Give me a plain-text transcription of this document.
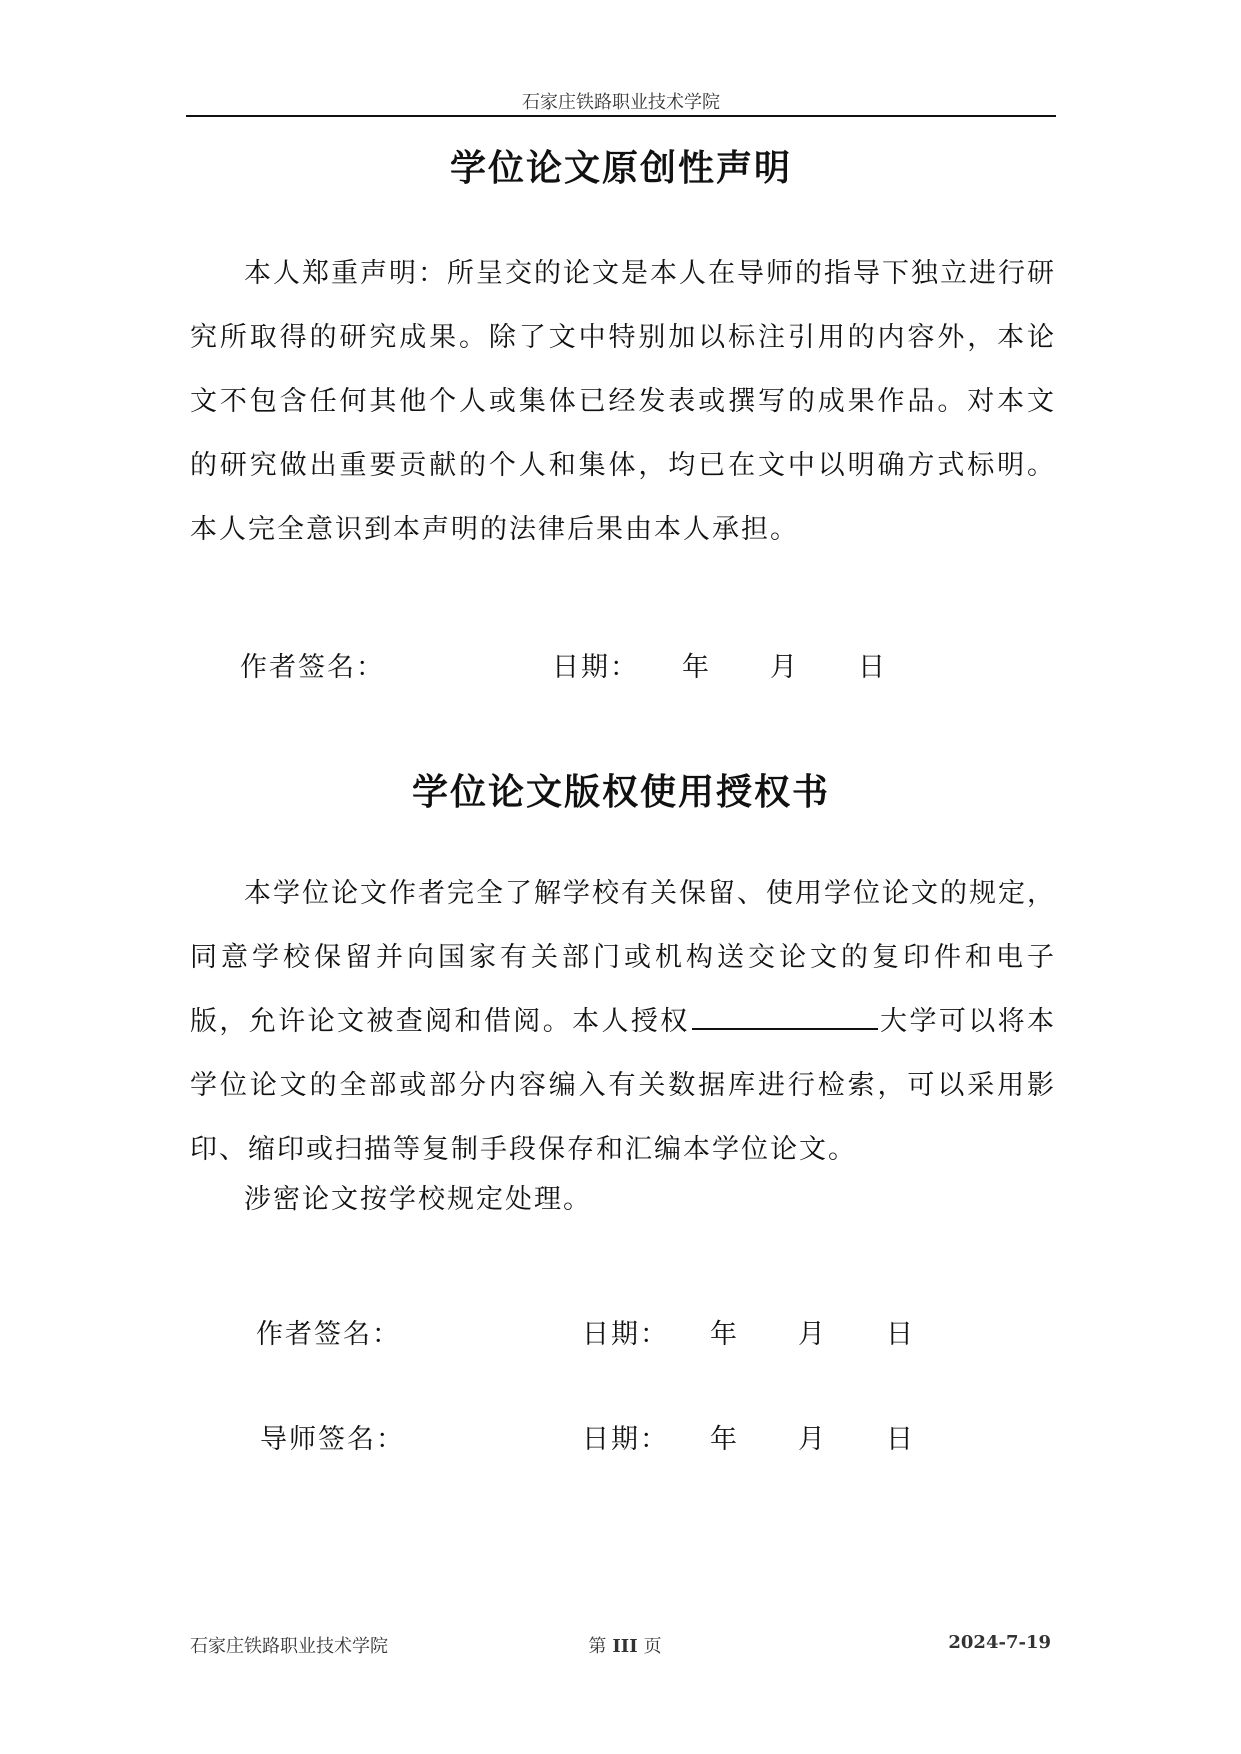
石家庄铁路职业技术学院
学位论文原创性声明

本人郑重声明：所呈交的论文是本人在导师的指导下独立进行研究所取得的研究成果。除了文中特别加以标注引用的内容外，本论文不包含任何其他个人或集体已经发表或撰写的成果作品。对本文的研究做出重要贡献的个人和集体，均已在文中以明确方式标明。本人完全意识到本声明的法律后果由本人承担。

作者签名：	日期： 年 月 日
学位论文版权使用授权书

本学位论文作者完全了解学校有关保留、使用学位论文的规定，同意学校保留并向国家有关部门或机构送交论文的复印件和电子版，允许论文被查阅和借阅。本人授权	大学可以将本学位论文的全部或部分内容编入有关数据库进行检索，可以采用影印、缩印或扫描等复制手段保存和汇编本学位论文。

涉密论文按学校规定处理。

作者签名：	日期： 年 月 日
导师签名：	日期： 年 月 日
石家庄铁路职业技术学院	第 III 页	2024-7-19
